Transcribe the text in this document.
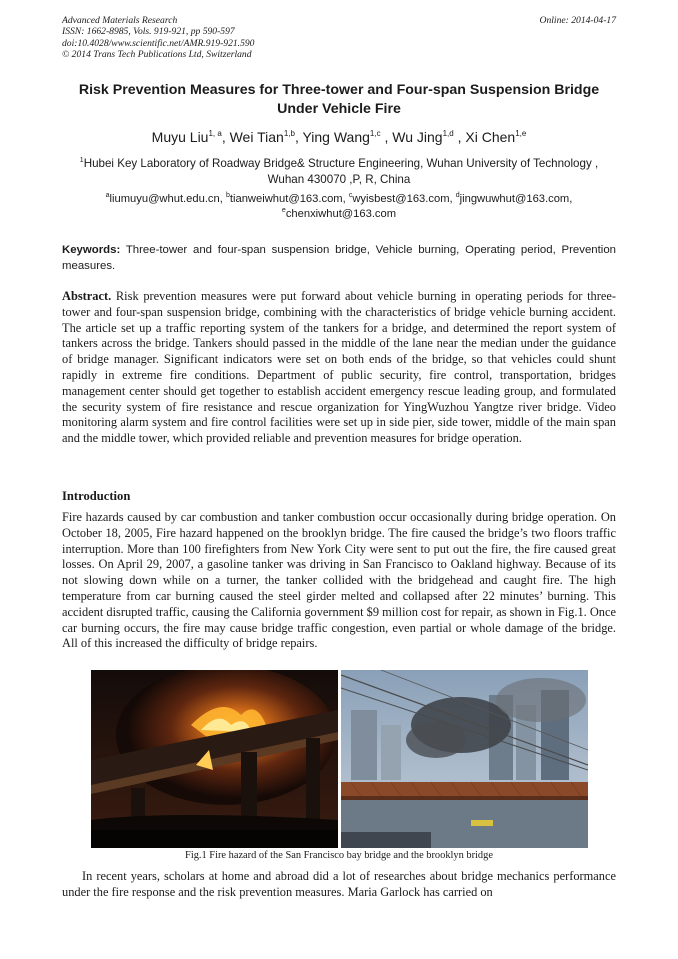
Advanced Materials Research
ISSN: 1662-8985, Vols. 919-921, pp 590-597
doi:10.4028/www.scientific.net/AMR.919-921.590
© 2014 Trans Tech Publications Ltd, Switzerland
Online: 2014-04-17
Risk Prevention Measures for Three-tower and Four-span Suspension Bridge Under Vehicle Fire
Muyu Liu$^{1, a}$, Wei Tian$^{1,b}$, Ying Wang$^{1,c}$ , Wu Jing$^{1,d}$ , Xi Chen$^{1,e}$
$^1$Hubei Key Laboratory of Roadway Bridge& Structure Engineering, Wuhan University of Technology , Wuhan 430070 ,P, R, China
$^a$liumuyu@whut.edu.cn, $^b$tianweiwhut@163.com, $^c$wyisbest@163.com, $^d$jingwuwhut@163.com,
$^e$chenxiwhut@163.com
Keywords: Three-tower and four-span suspension bridge, Vehicle burning, Operating period, Prevention measures.
Abstract. Risk prevention measures were put forward about vehicle burning in operating periods for three-tower and four-span suspension bridge, combining with the characteristics of bridge vehicle burning accident. The article set up a traffic reporting system of the tankers for a bridge, and determined the report system of tankers across the bridge. Tankers should passed in the middle of the lane near the median under the guidance of bridge manager. Significant indicators were set on both ends of the bridge, so that vehicles could shunt rapidly in extreme fire conditions. Department of public security, fire control, transportation, bridges management center should get together to establish accident emergency rescue leading group, and formulated the security system of fire resistance and rescue organization for YingWuzhou Yangtze river bridge. Video monitoring alarm system and fire control facilities were set up in side pier, side tower, middle of the main span and the middle tower, which provided reliable and prevention measures for bridge operation.
Introduction
Fire hazards caused by car combustion and tanker combustion occur occasionally during bridge operation. On October 18, 2005, Fire hazard happened on the brooklyn bridge. The fire caused the bridge’s two floors traffic interruption. More than 100 firefighters from New York City were sent to put out the fire, the fire caused great losses. On April 29, 2007, a gasoline tanker was driving in San Francisco to Oakland highway. Because of its not slowing down while on a turner, the tanker collided with the bridgehead and caught fire. The high temperature from car burning caused the steel girder melted and collapsed after 22 minutes’ burning. This accident disrupted traffic, causing the California government $9 million cost for repair, as shown in Fig.1. Once car burning occurs, the fire may cause bridge traffic congestion, even partial or whole damage of the bridge. All of this increased the difficulty of bridge repairs.
Fig.1 Fire hazard of the San Francisco bay bridge and the brooklyn bridge
In recent years, scholars at home and abroad did a lot of researches about bridge mechanics performance under the fire response and the risk prevention measures. Maria Garlock has carried on
